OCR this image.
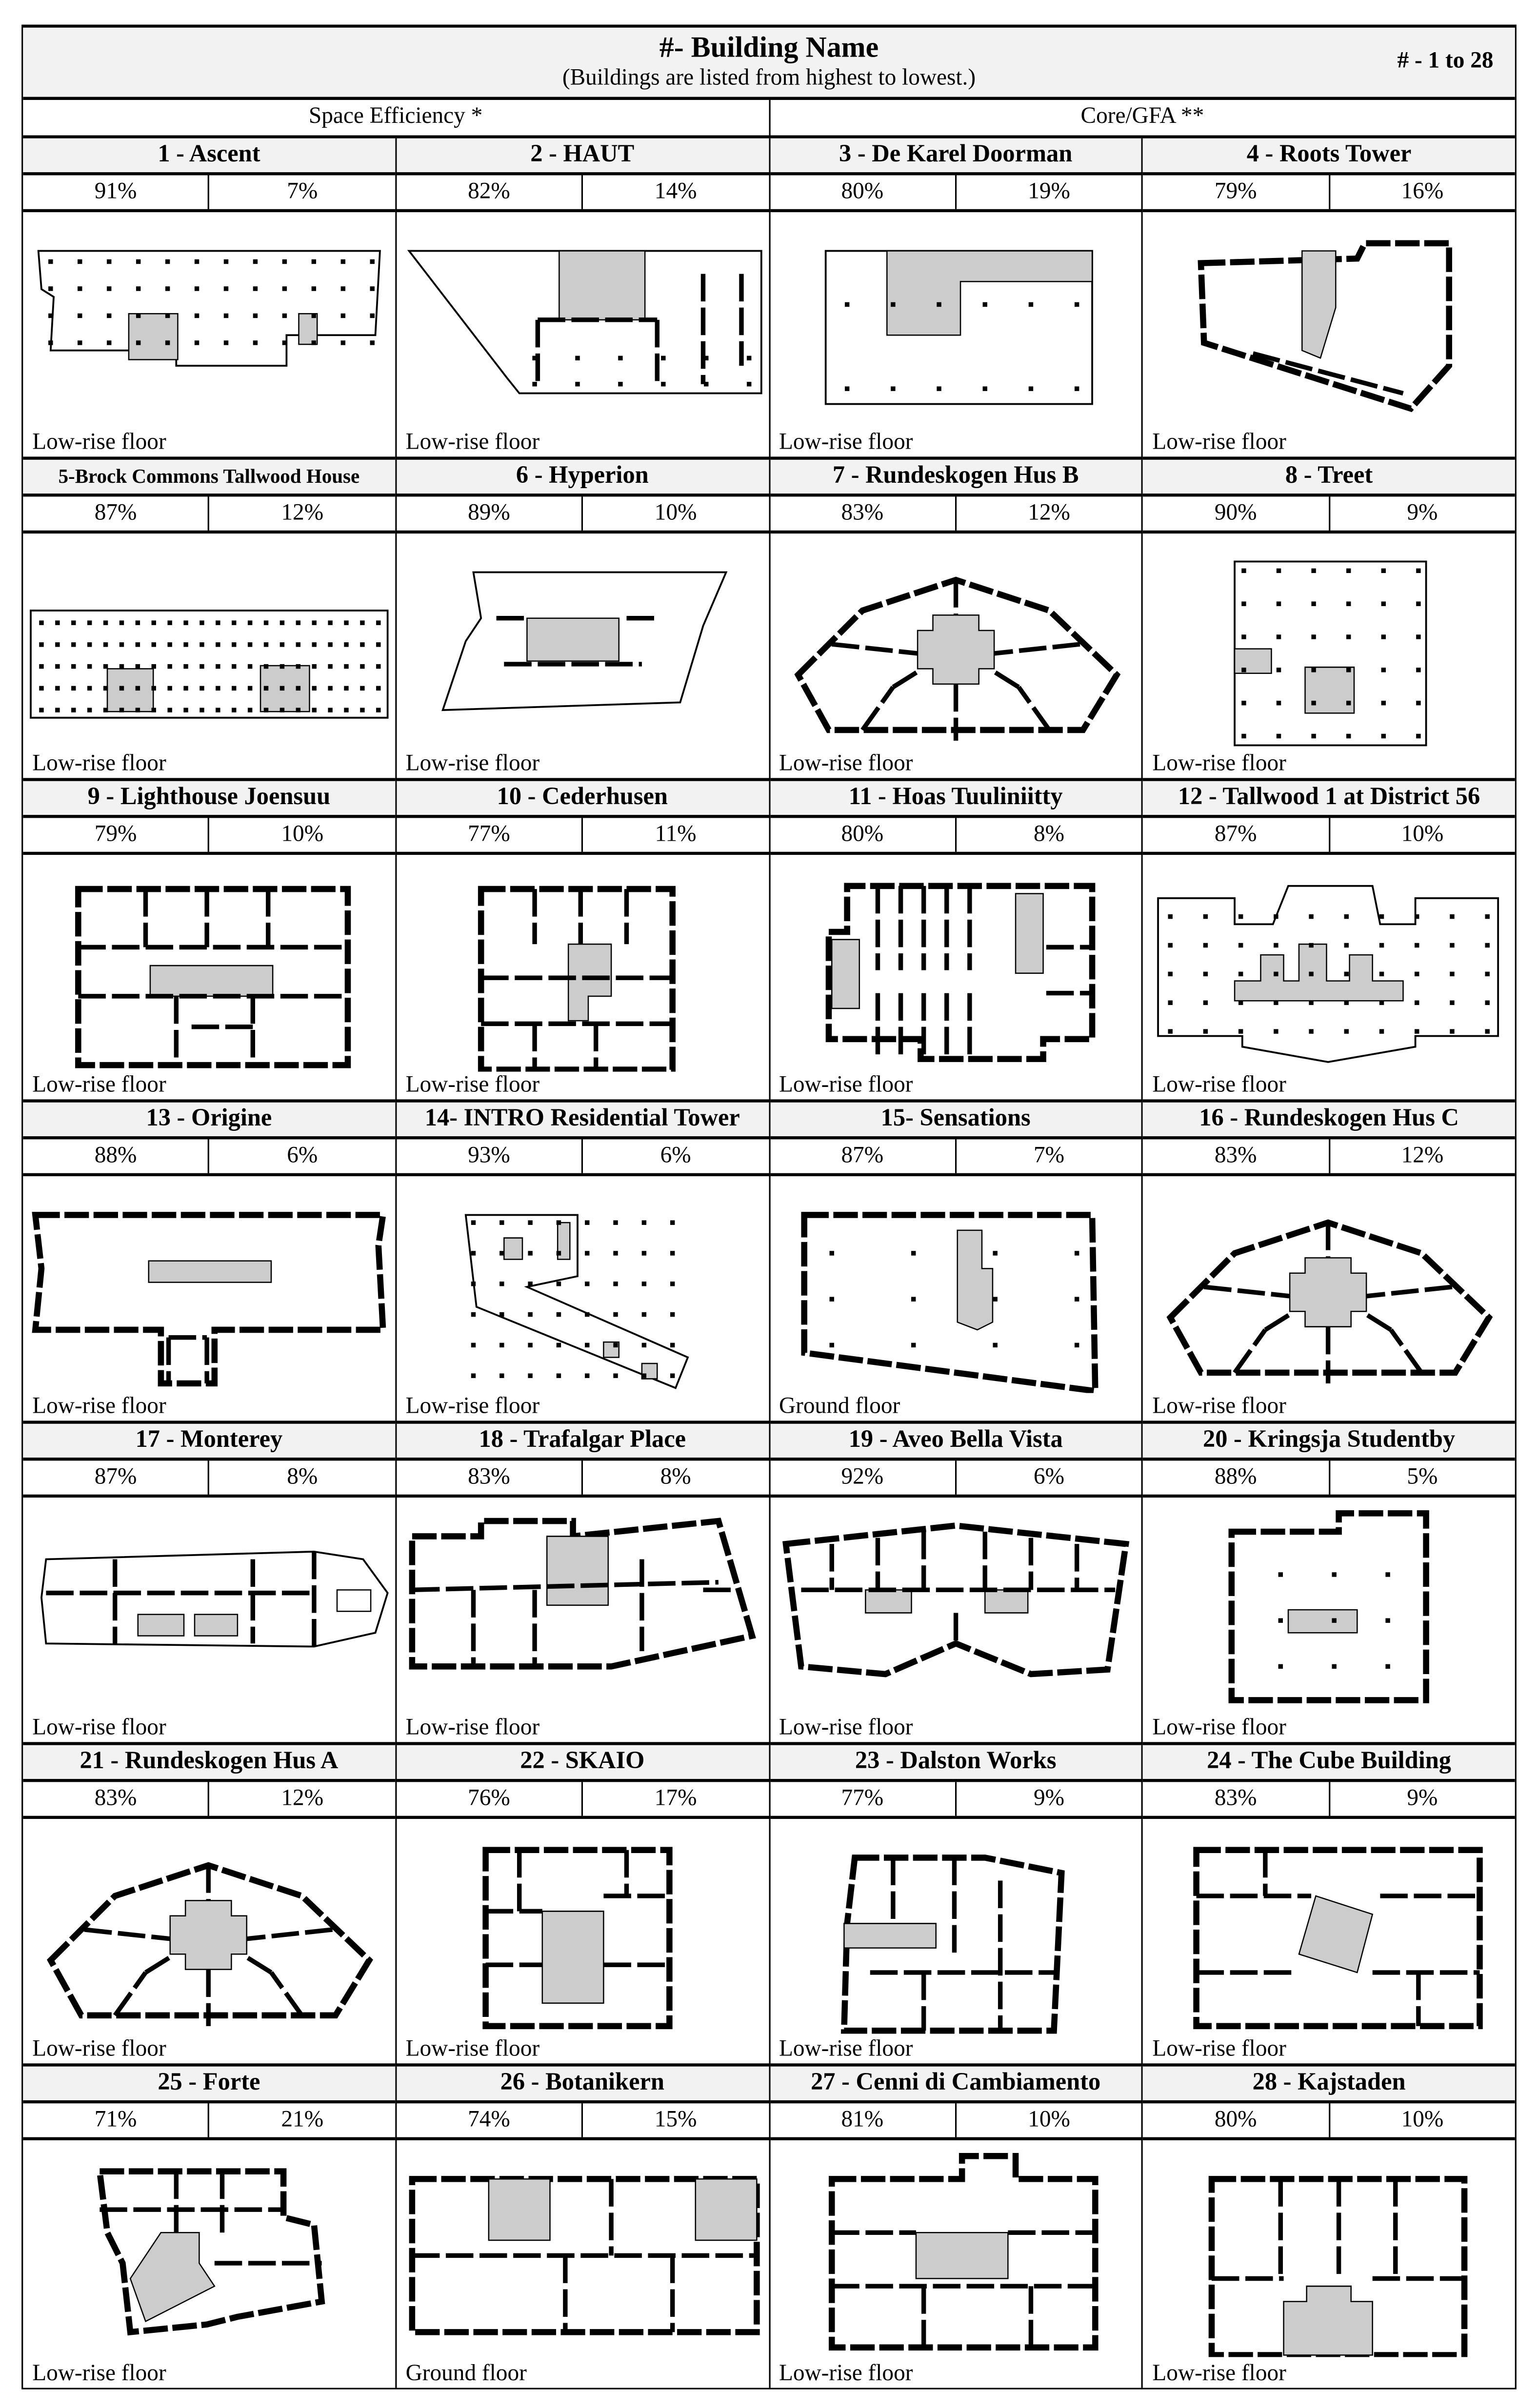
#- Building Name
(Buildings are listed from highest to lowest.)
# - 1 to 28
Space Efficiency *	Core/GFA **
1 - Ascent
91%	7%
Low-rise floor
2 - HAUT
82%	14%
Low-rise floor
3 - De Karel Doorman
80%	19%
Low-rise floor
4 - Roots Tower
79%	16%
Low-rise floor
5-Brock Commons Tallwood House
87%	12%
Low-rise floor
6 - Hyperion
89%	10%
Low-rise floor
7 - Rundeskogen Hus B
83%	12%
Low-rise floor
8 - Treet
90%	9%
Low-rise floor
9 - Lighthouse Joensuu
79%	10%
Low-rise floor
10 - Cederhusen
77%	11%
Low-rise floor
11 - Hoas Tuuliniitty
80%	8%
Low-rise floor
12 - Tallwood 1 at District 56
87%	10%
Low-rise floor
13 - Origine
88%	6%
Low-rise floor
14- INTRO Residential Tower
93%	6%
Low-rise floor
15- Sensations
87%	7%
Ground floor
16 - Rundeskogen Hus C
83%	12%
Low-rise floor
17 - Monterey
87%	8%
Low-rise floor
18 - Trafalgar Place
83%	8%
Low-rise floor
19 - Aveo Bella Vista
92%	6%
Low-rise floor
20 - Kringsja Studentby
88%	5%
Low-rise floor
21 - Rundeskogen Hus A
83%	12%
Low-rise floor
22 - SKAIO
76%	17%
Low-rise floor
23 - Dalston Works
77%	9%
Low-rise floor
24 - The Cube Building
83%	9%
Low-rise floor
25 - Forte
71%	21%
Low-rise floor
26 - Botanikern
74%	15%
Ground floor
27 - Cenni di Cambiamento
81%	10%
Low-rise floor
28 - Kajstaden
80%	10%
Low-rise floor
